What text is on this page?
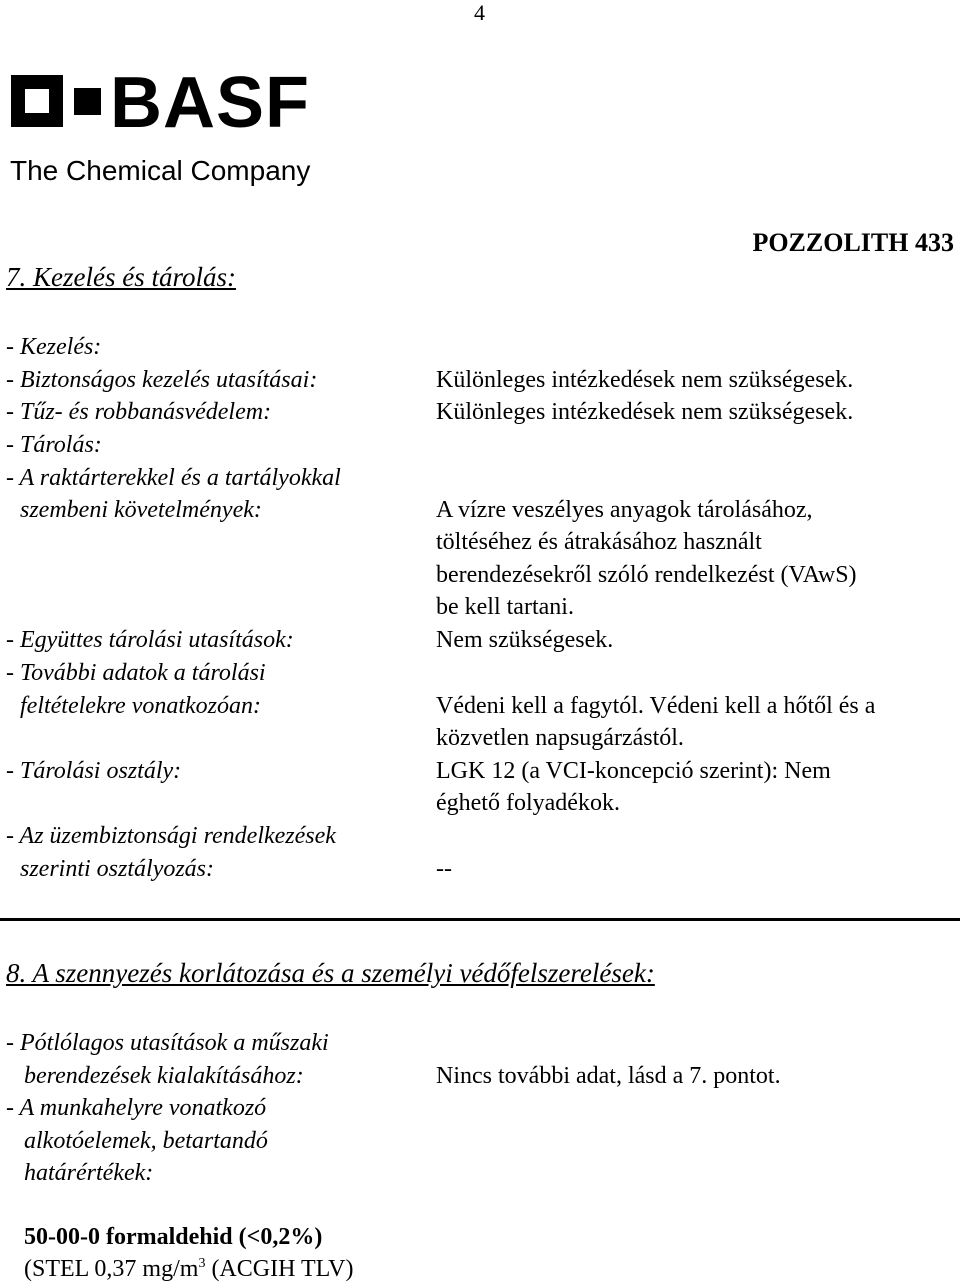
4
BASF
The Chemical Company
POZZOLITH 433
7. Kezelés és tárolás:
- Kezelés:
- Biztonságos kezelés utasításai:	Különleges intézkedések nem szükségesek.
- Tűz- és robbanásvédelem:	Különleges intézkedések nem szükségesek.
- Tárolás:
- A raktárterekkel és a tartályokkal
szembeni követelmények:	A vízre veszélyes anyagok tárolásához,
töltéséhez és átrakásához használt
berendezésekről szóló rendelkezést (VAwS)
be kell tartani.
- Együttes tárolási utasítások:	Nem szükségesek.
- További adatok a tárolási
feltételekre vonatkozóan:	Védeni kell a fagytól. Védeni kell a hőtől és a
közvetlen napsugárzástól.
- Tárolási osztály:	LGK 12 (a VCI-koncepció szerint): Nem
éghető folyadékok.
- Az üzembiztonsági rendelkezések
szerinti osztályozás:	--
8. A szennyezés korlátozása és a személyi védőfelszerelések:
- Pótlólagos utasítások a műszaki
berendezések kialakításához:	Nincs további adat, lásd a 7. pontot.
- A munkahelyre vonatkozó
alkotóelemek, betartandó
határértékek:
50-00-0 formaldehid (<0,2%)
(STEL 0,37 $mg/m^3$ (ACGIH TLV)
